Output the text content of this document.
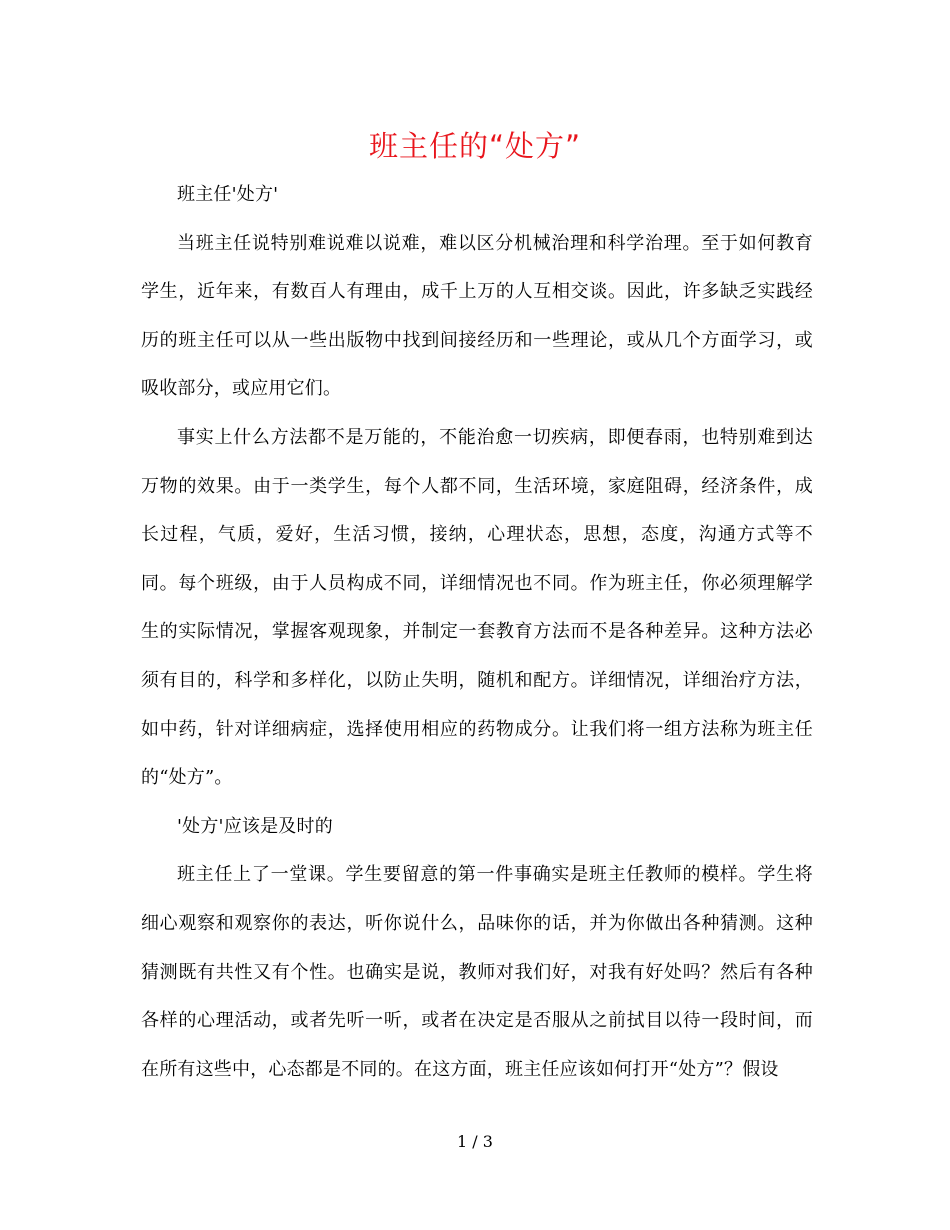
班主任的“处方”

班主任'处方'

当班主任说特别难说难以说难，难以区分机械治理和科学治理。至于如何教育学生，近年来，有数百人有理由，成千上万的人互相交谈。因此，许多缺乏实践经历的班主任可以从一些出版物中找到间接经历和一些理论，或从几个方面学习，或吸收部分，或应用它们。

事实上什么方法都不是万能的，不能治愈一切疾病，即便春雨，也特别难到达万物的效果。由于一类学生，每个人都不同，生活环境，家庭阻碍，经济条件，成长过程，气质，爱好，生活习惯，接纳，心理状态，思想，态度，沟通方式等不同。每个班级，由于人员构成不同，详细情况也不同。作为班主任，你必须理解学生的实际情况，掌握客观现象，并制定一套教育方法而不是各种差异。这种方法必须有目的，科学和多样化，以防止失明，随机和配方。详细情况，详细治疗方法，如中药，针对详细病症，选择使用相应的药物成分。让我们将一组方法称为班主任的“处方”。

'处方'应该是及时的

班主任上了一堂课。学生要留意的第一件事确实是班主任教师的模样。学生将细心观察和观察你的表达，听你说什么，品味你的话，并为你做出各种猜测。这种猜测既有共性又有个性。也确实是说，教师对我们好，对我有好处吗？然后有各种各样的心理活动，或者先听一听，或者在决定是否服从之前拭目以待一段时间，而在所有这些中，心态都是不同的。在这方面，班主任应该如何打开“处方”？假设

1 / 3
